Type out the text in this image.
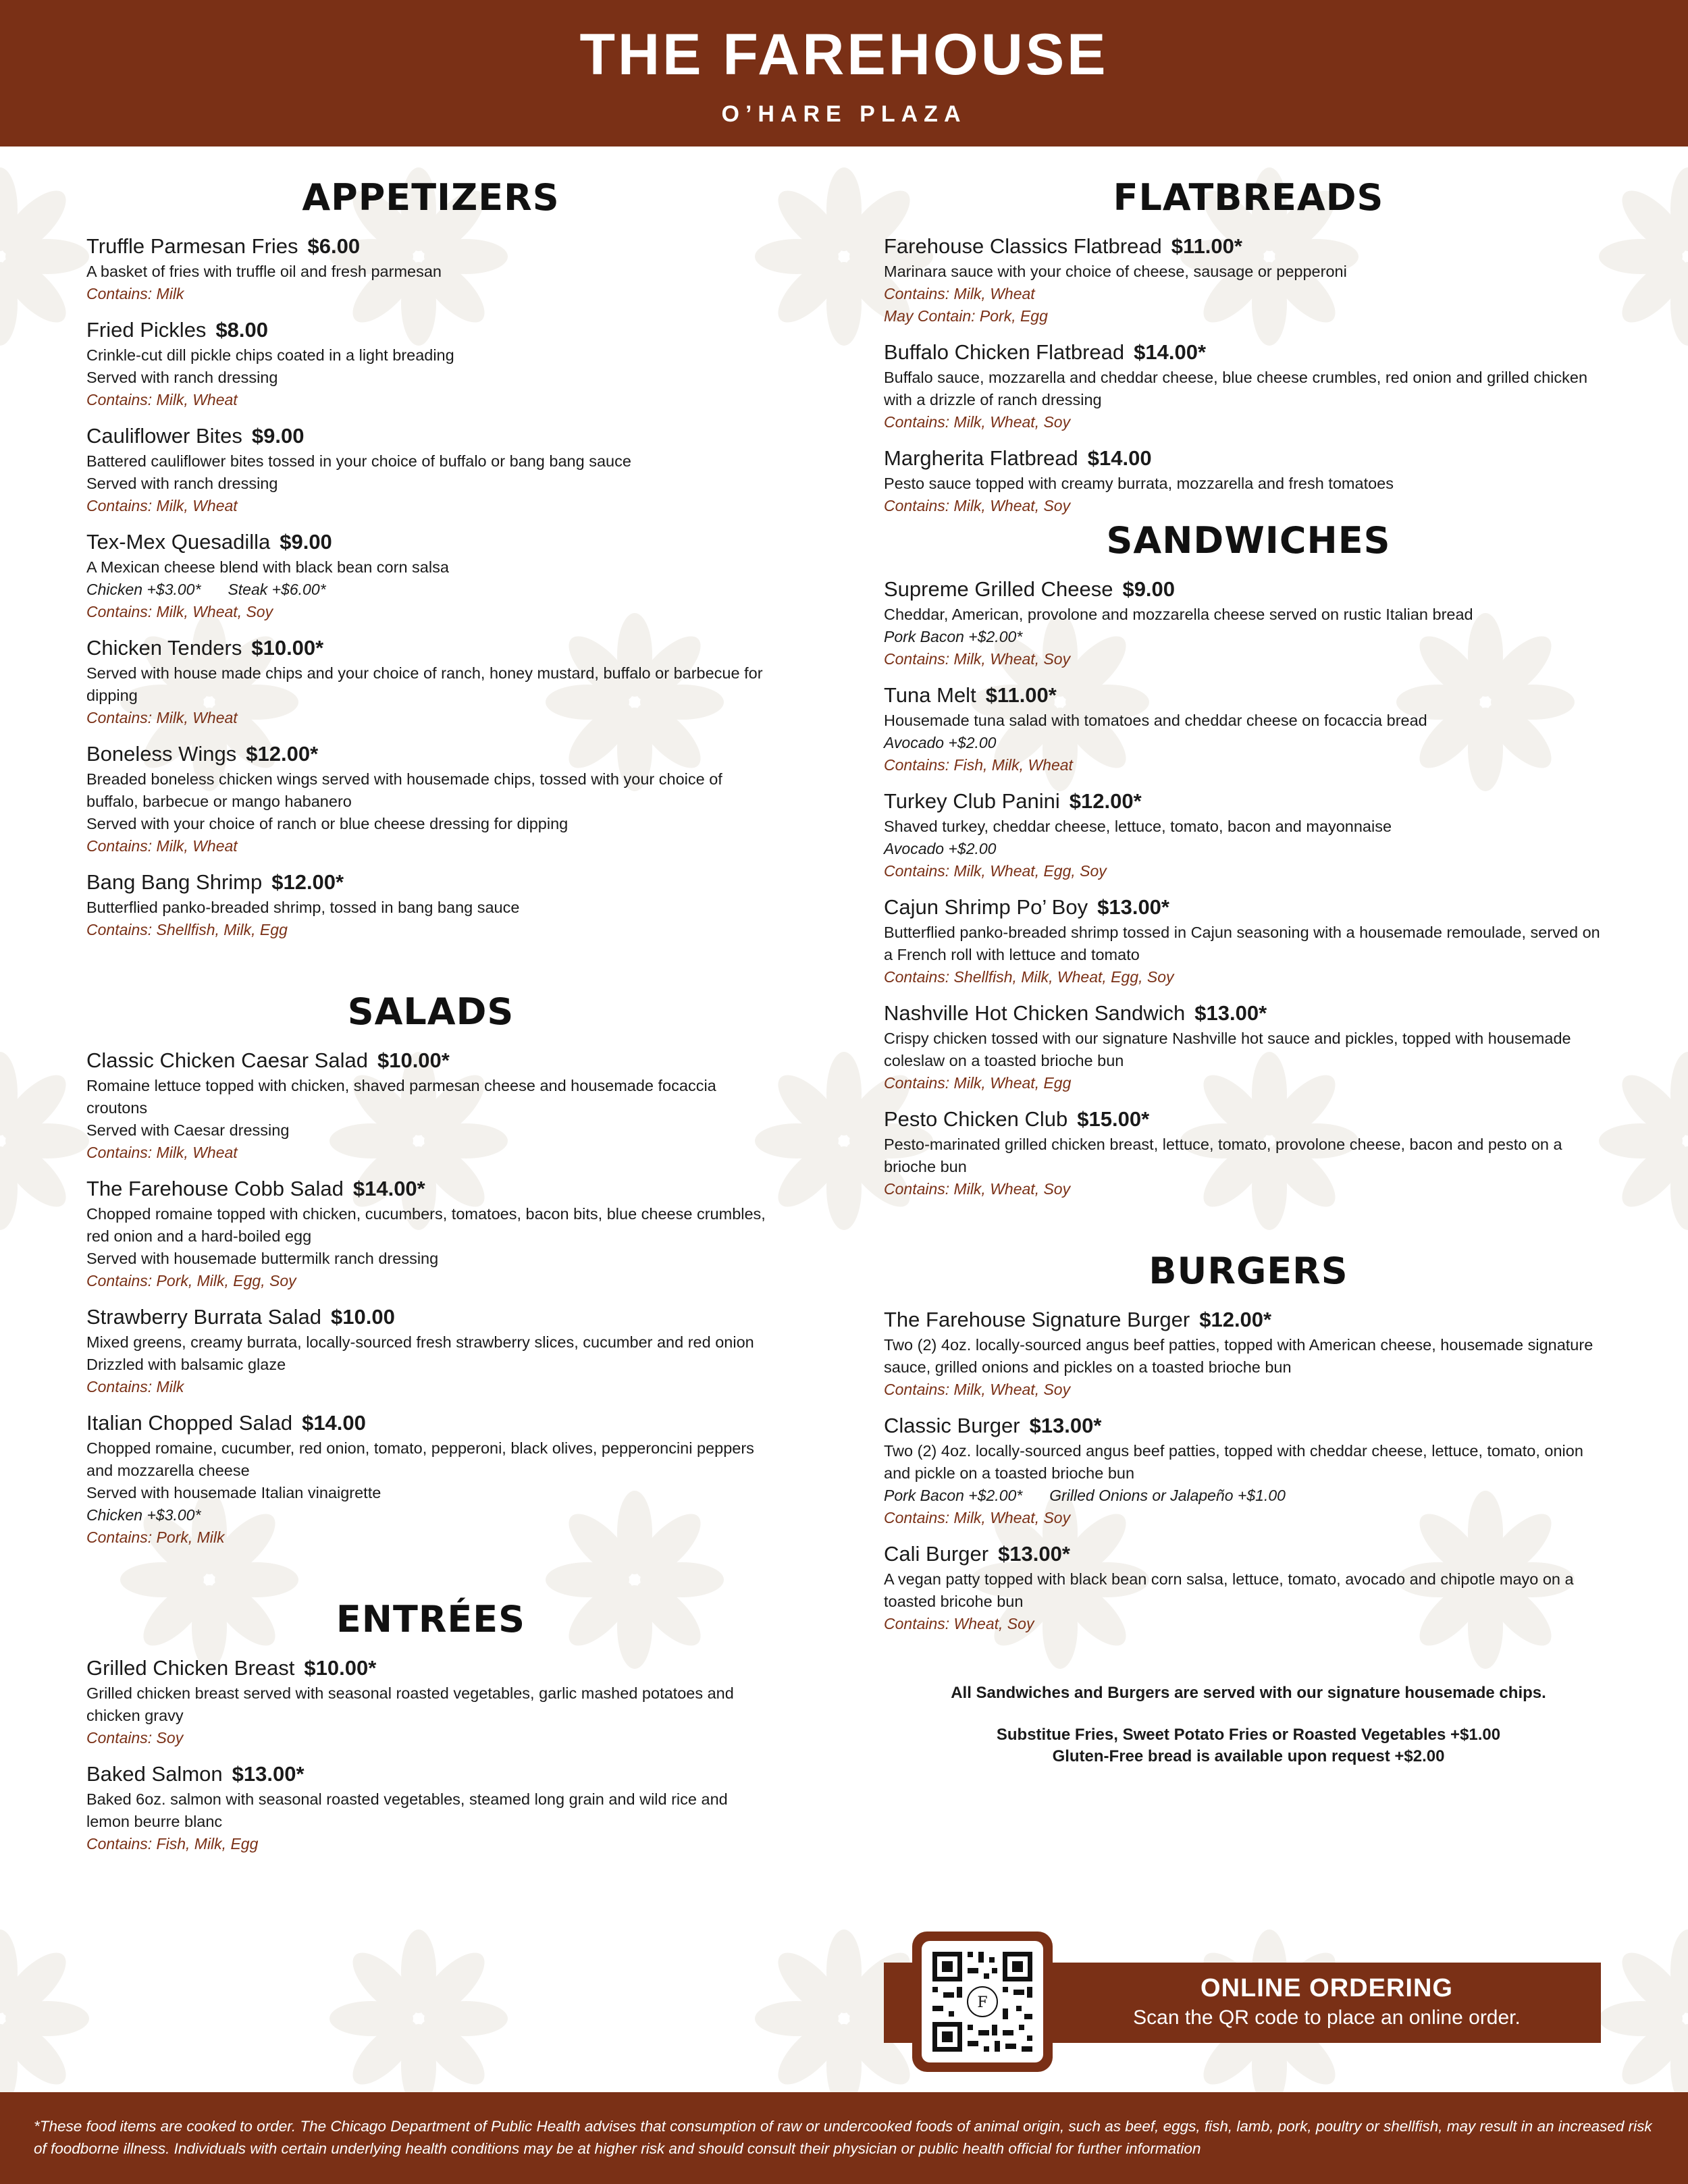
THE FAREHOUSE
O’HARE PLAZA
APPETIZERS
Truffle Parmesan Fries $6.00
A basket of fries with truffle oil and fresh parmesan
Contains: Milk
Fried Pickles $8.00
Crinkle-cut dill pickle chips coated in a light breading
Served with ranch dressing
Contains: Milk, Wheat
Cauliflower Bites $9.00
Battered cauliflower bites tossed in your choice of buffalo or bang bang sauce
Served with ranch dressing
Contains: Milk, Wheat
Tex-Mex Quesadilla $9.00
A Mexican cheese blend with black bean corn salsa
Chicken +$3.00* Steak +$6.00*
Contains: Milk, Wheat, Soy
Chicken Tenders $10.00*
Served with house made chips and your choice of ranch, honey mustard, buffalo or barbecue for dipping
Contains: Milk, Wheat
Boneless Wings $12.00*
Breaded boneless chicken wings served with housemade chips, tossed with your choice of buffalo, barbecue or mango habanero
Served with your choice of ranch or blue cheese dressing for dipping
Contains: Milk, Wheat
Bang Bang Shrimp $12.00*
Butterflied panko-breaded shrimp, tossed in bang bang sauce
Contains: Shellfish, Milk, Egg
SALADS
Classic Chicken Caesar Salad $10.00*
Romaine lettuce topped with chicken, shaved parmesan cheese and housemade focaccia croutons
Served with Caesar dressing
Contains: Milk, Wheat
The Farehouse Cobb Salad $14.00*
Chopped romaine topped with chicken, cucumbers, tomatoes, bacon bits, blue cheese crumbles, red onion and a hard-boiled egg
Served with housemade buttermilk ranch dressing
Contains: Pork, Milk, Egg, Soy
Strawberry Burrata Salad $10.00
Mixed greens, creamy burrata, locally-sourced fresh strawberry slices, cucumber and red onion
Drizzled with balsamic glaze
Contains: Milk
Italian Chopped Salad $14.00
Chopped romaine, cucumber, red onion, tomato, pepperoni, black olives, pepperoncini peppers and mozzarella cheese
Served with housemade Italian vinaigrette
Chicken +$3.00*
Contains: Pork, Milk
ENTRÉES
Grilled Chicken Breast $10.00*
Grilled chicken breast served with seasonal roasted vegetables, garlic mashed potatoes and chicken gravy
Contains: Soy
Baked Salmon $13.00*
Baked 6oz. salmon with seasonal roasted vegetables, steamed long grain and wild rice and lemon beurre blanc
Contains: Fish, Milk, Egg
FLATBREADS
Farehouse Classics Flatbread $11.00*
Marinara sauce with your choice of cheese, sausage or pepperoni
Contains: Milk, Wheat
May Contain: Pork, Egg
Buffalo Chicken Flatbread $14.00*
Buffalo sauce, mozzarella and cheddar cheese, blue cheese crumbles, red onion and grilled chicken with a drizzle of ranch dressing
Contains: Milk, Wheat, Soy
Margherita Flatbread $14.00
Pesto sauce topped with creamy burrata, mozzarella and fresh tomatoes
Contains: Milk, Wheat, Soy
SANDWICHES
Supreme Grilled Cheese $9.00
Cheddar, American, provolone and mozzarella cheese served on rustic Italian bread
Pork Bacon +$2.00*
Contains: Milk, Wheat, Soy
Tuna Melt $11.00*
Housemade tuna salad with tomatoes and cheddar cheese on focaccia bread
Avocado +$2.00
Contains: Fish, Milk, Wheat
Turkey Club Panini $12.00*
Shaved turkey, cheddar cheese, lettuce, tomato, bacon and mayonnaise
Avocado +$2.00
Contains: Milk, Wheat, Egg, Soy
Cajun Shrimp Po’ Boy $13.00*
Butterflied panko-breaded shrimp tossed in Cajun seasoning with a housemade remoulade, served on a French roll with lettuce and tomato
Contains: Shellfish, Milk, Wheat, Egg, Soy
Nashville Hot Chicken Sandwich $13.00*
Crispy chicken tossed with our signature Nashville hot sauce and pickles, topped with housemade coleslaw on a toasted brioche bun
Contains: Milk, Wheat, Egg
Pesto Chicken Club $15.00*
Pesto-marinated grilled chicken breast, lettuce, tomato, provolone cheese, bacon and pesto on a brioche bun
Contains: Milk, Wheat, Soy
BURGERS
The Farehouse Signature Burger $12.00*
Two (2) 4oz. locally-sourced angus beef patties, topped with American cheese, housemade signature sauce, grilled onions and pickles on a toasted brioche bun
Contains: Milk, Wheat, Soy
Classic Burger $13.00*
Two (2) 4oz. locally-sourced angus beef patties, topped with cheddar cheese, lettuce, tomato, onion and pickle on a toasted brioche bun
Pork Bacon +$2.00* Grilled Onions or Jalapeño +$1.00
Contains: Milk, Wheat, Soy
Cali Burger $13.00*
A vegan patty topped with black bean corn salsa, lettuce, tomato, avocado and chipotle mayo on a toasted bricohe bun
Contains: Wheat, Soy
All Sandwiches and Burgers are served with our signature housemade chips.
Substitue Fries, Sweet Potato Fries or Roasted Vegetables +$1.00
Gluten-Free bread is available upon request +$2.00
F
ONLINE ORDERING
Scan the QR code to place an online order.
*These food items are cooked to order. The Chicago Department of Public Health advises that consumption of raw or undercooked foods of animal origin, such as beef, eggs, fish, lamb, pork, poultry or shellfish, may result in an increased risk of foodborne illness. Individuals with certain underlying health conditions may be at higher risk and should consult their physician or public health official for further information
